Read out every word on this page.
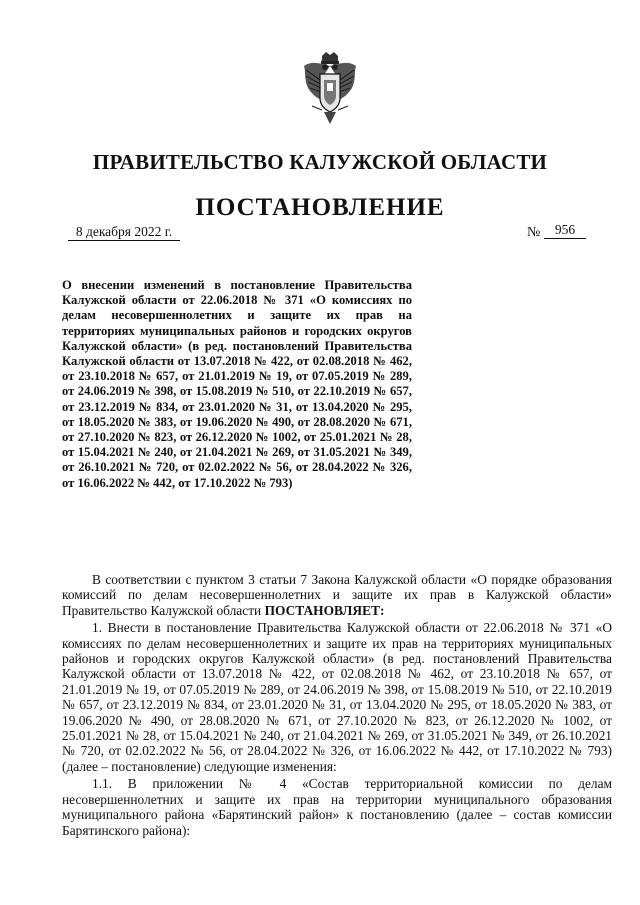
ПРАВИТЕЛЬСТВО КАЛУЖСКОЙ ОБЛАСТИ
ПОСТАНОВЛЕНИЕ
8 декабря 2022 г.	№	956
О внесении изменений в постановление Правительства Калужской области от 22.06.2018 № 371 «О комиссиях по делам несовершеннолетних и защите их прав на территориях муниципальных районов и городских округов Калужской области» (в ред. постановлений Правительства Калужской области от 13.07.2018 № 422, от 02.08.2018 № 462, от 23.10.2018 № 657, от 21.01.2019 № 19, от 07.05.2019 № 289, от 24.06.2019 № 398, от 15.08.2019 № 510, от 22.10.2019 № 657, от 23.12.2019 № 834, от 23.01.2020 № 31, от 13.04.2020 № 295, от 18.05.2020 № 383, от 19.06.2020 № 490, от 28.08.2020 № 671, от 27.10.2020 № 823, от 26.12.2020 № 1002, от 25.01.2021 № 28, от 15.04.2021 № 240, от 21.04.2021 № 269, от 31.05.2021 № 349, от 26.10.2021 № 720, от 02.02.2022 № 56, от 28.04.2022 № 326, от 16.06.2022 № 442, от 17.10.2022 № 793)

В соответствии с пунктом 3 статьи 7 Закона Калужской области «О порядке образования комиссий по делам несовершеннолетних и защите их прав в Калужской области» Правительство Калужской области ПОСТАНОВЛЯЕТ:

1. Внести в постановление Правительства Калужской области от 22.06.2018 № 371 «О комиссиях по делам несовершеннолетних и защите их прав на территориях муниципальных районов и городских округов Калужской области» (в ред. постановлений Правительства Калужской области от 13.07.2018 № 422, от 02.08.2018 № 462, от 23.10.2018 № 657, от 21.01.2019 № 19, от 07.05.2019 № 289, от 24.06.2019 № 398, от 15.08.2019 № 510, от 22.10.2019 № 657, от 23.12.2019 № 834, от 23.01.2020 № 31, от 13.04.2020 № 295, от 18.05.2020 № 383, от 19.06.2020 № 490, от 28.08.2020 № 671, от 27.10.2020 № 823, от 26.12.2020 № 1002, от 25.01.2021 № 28, от 15.04.2021 № 240, от 21.04.2021 № 269, от 31.05.2021 № 349, от 26.10.2021 № 720, от 02.02.2022 № 56, от 28.04.2022 № 326, от 16.06.2022 № 442, от 17.10.2022 № 793) (далее – постановление) следующие изменения:

1.1. В приложении № 4 «Состав территориальной комиссии по делам несовершеннолетних и защите их прав на территории муниципального образования муниципального района «Барятинский район» к постановлению (далее – состав комиссии Барятинского района):
